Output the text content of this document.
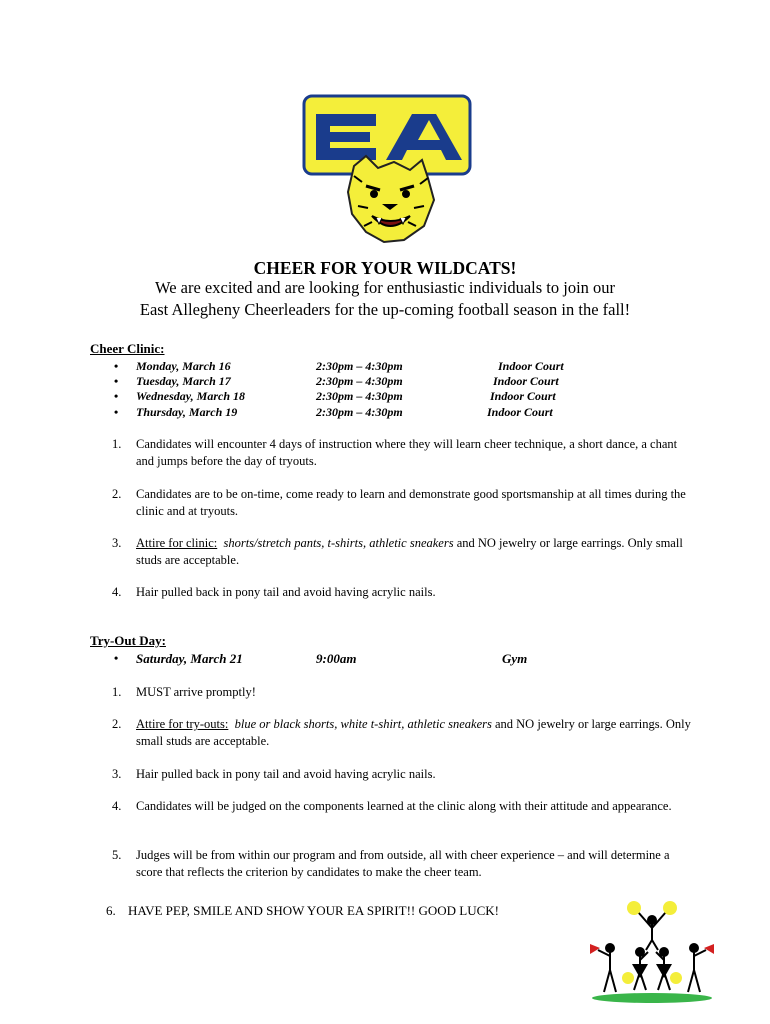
CHEER FOR YOUR WILDCATS!
We are excited and are looking for enthusiastic individuals to join our
East Allegheny Cheerleaders for the up-coming football season in the fall!
Cheer Clinic:
• Monday, March 16	2:30pm – 4:30pm	Indoor Court
• Tuesday, March 17	2:30pm – 4:30pm	Indoor Court
• Wednesday, March 18	2:30pm – 4:30pm	Indoor Court
• Thursday, March 19	2:30pm – 4:30pm	Indoor Court
1. Candidates will encounter 4 days of instruction where they will learn cheer technique, a short dance, a chant and jumps before the day of tryouts.
2. Candidates are to be on-time, come ready to learn and demonstrate good sportsmanship at all times during the clinic and at tryouts.
3. Attire for clinic: shorts/stretch pants, t-shirts, athletic sneakers and NO jewelry or large earrings. Only small studs are acceptable.
4. Hair pulled back in pony tail and avoid having acrylic nails.
Try-Out Day:
• Saturday, March 21	9:00am	Gym
1. MUST arrive promptly!
2. Attire for try-outs: blue or black shorts, white t-shirt, athletic sneakers and NO jewelry or large earrings. Only small studs are acceptable.
3. Hair pulled back in pony tail and avoid having acrylic nails.
4. Candidates will be judged on the components learned at the clinic along with their attitude and appearance.
5. Judges will be from within our program and from outside, all with cheer experience – and will determine a score that reflects the criterion by candidates to make the cheer team.
6. HAVE PEP, SMILE AND SHOW YOUR EA SPIRIT!! GOOD LUCK!
